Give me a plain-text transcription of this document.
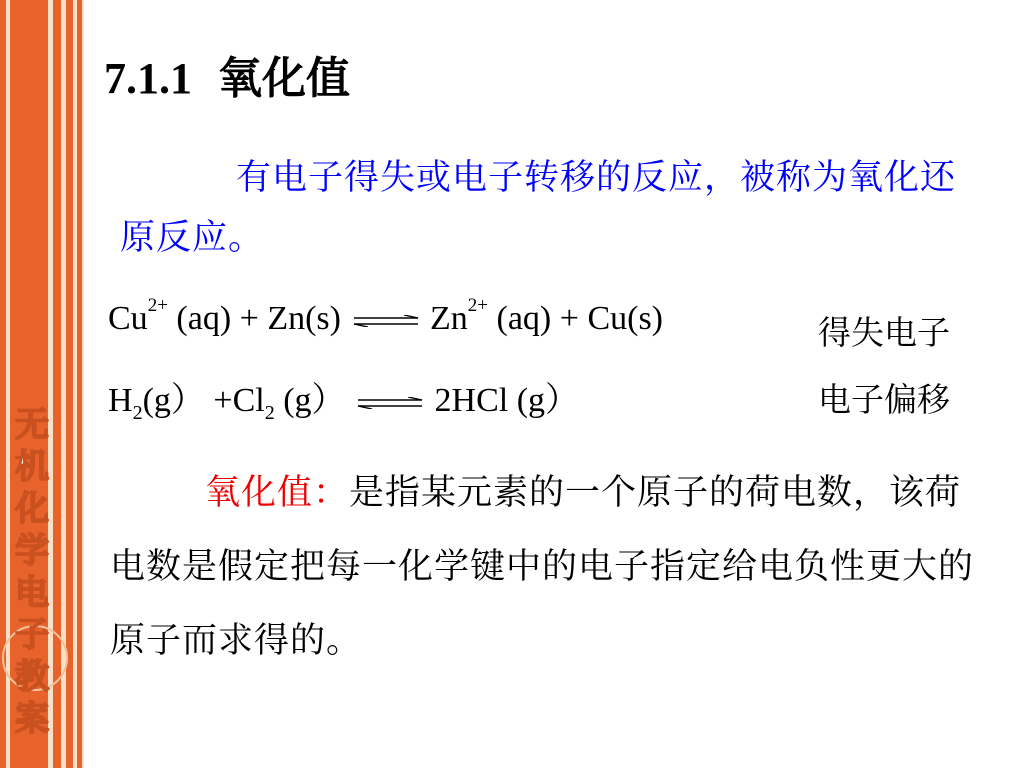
无
机
化
学
电
子
教
案
7.1.1 氧化值

有电子得失或电子转移的反应，被称为氧化还原反应。

$Cu^{2+}$ (aq) + Zn(s) ⇌ $Zn^{2+}$ (aq) + Cu(s)	得失电子
$H_2(g) +Cl_2$ (g） ⇌ 2HCl (g）	电子偏移

氧化值：是指某元素的一个原子的荷电数，该荷电数是假定把每一化学键中的电子指定给电负性更大的原子而求得的。
